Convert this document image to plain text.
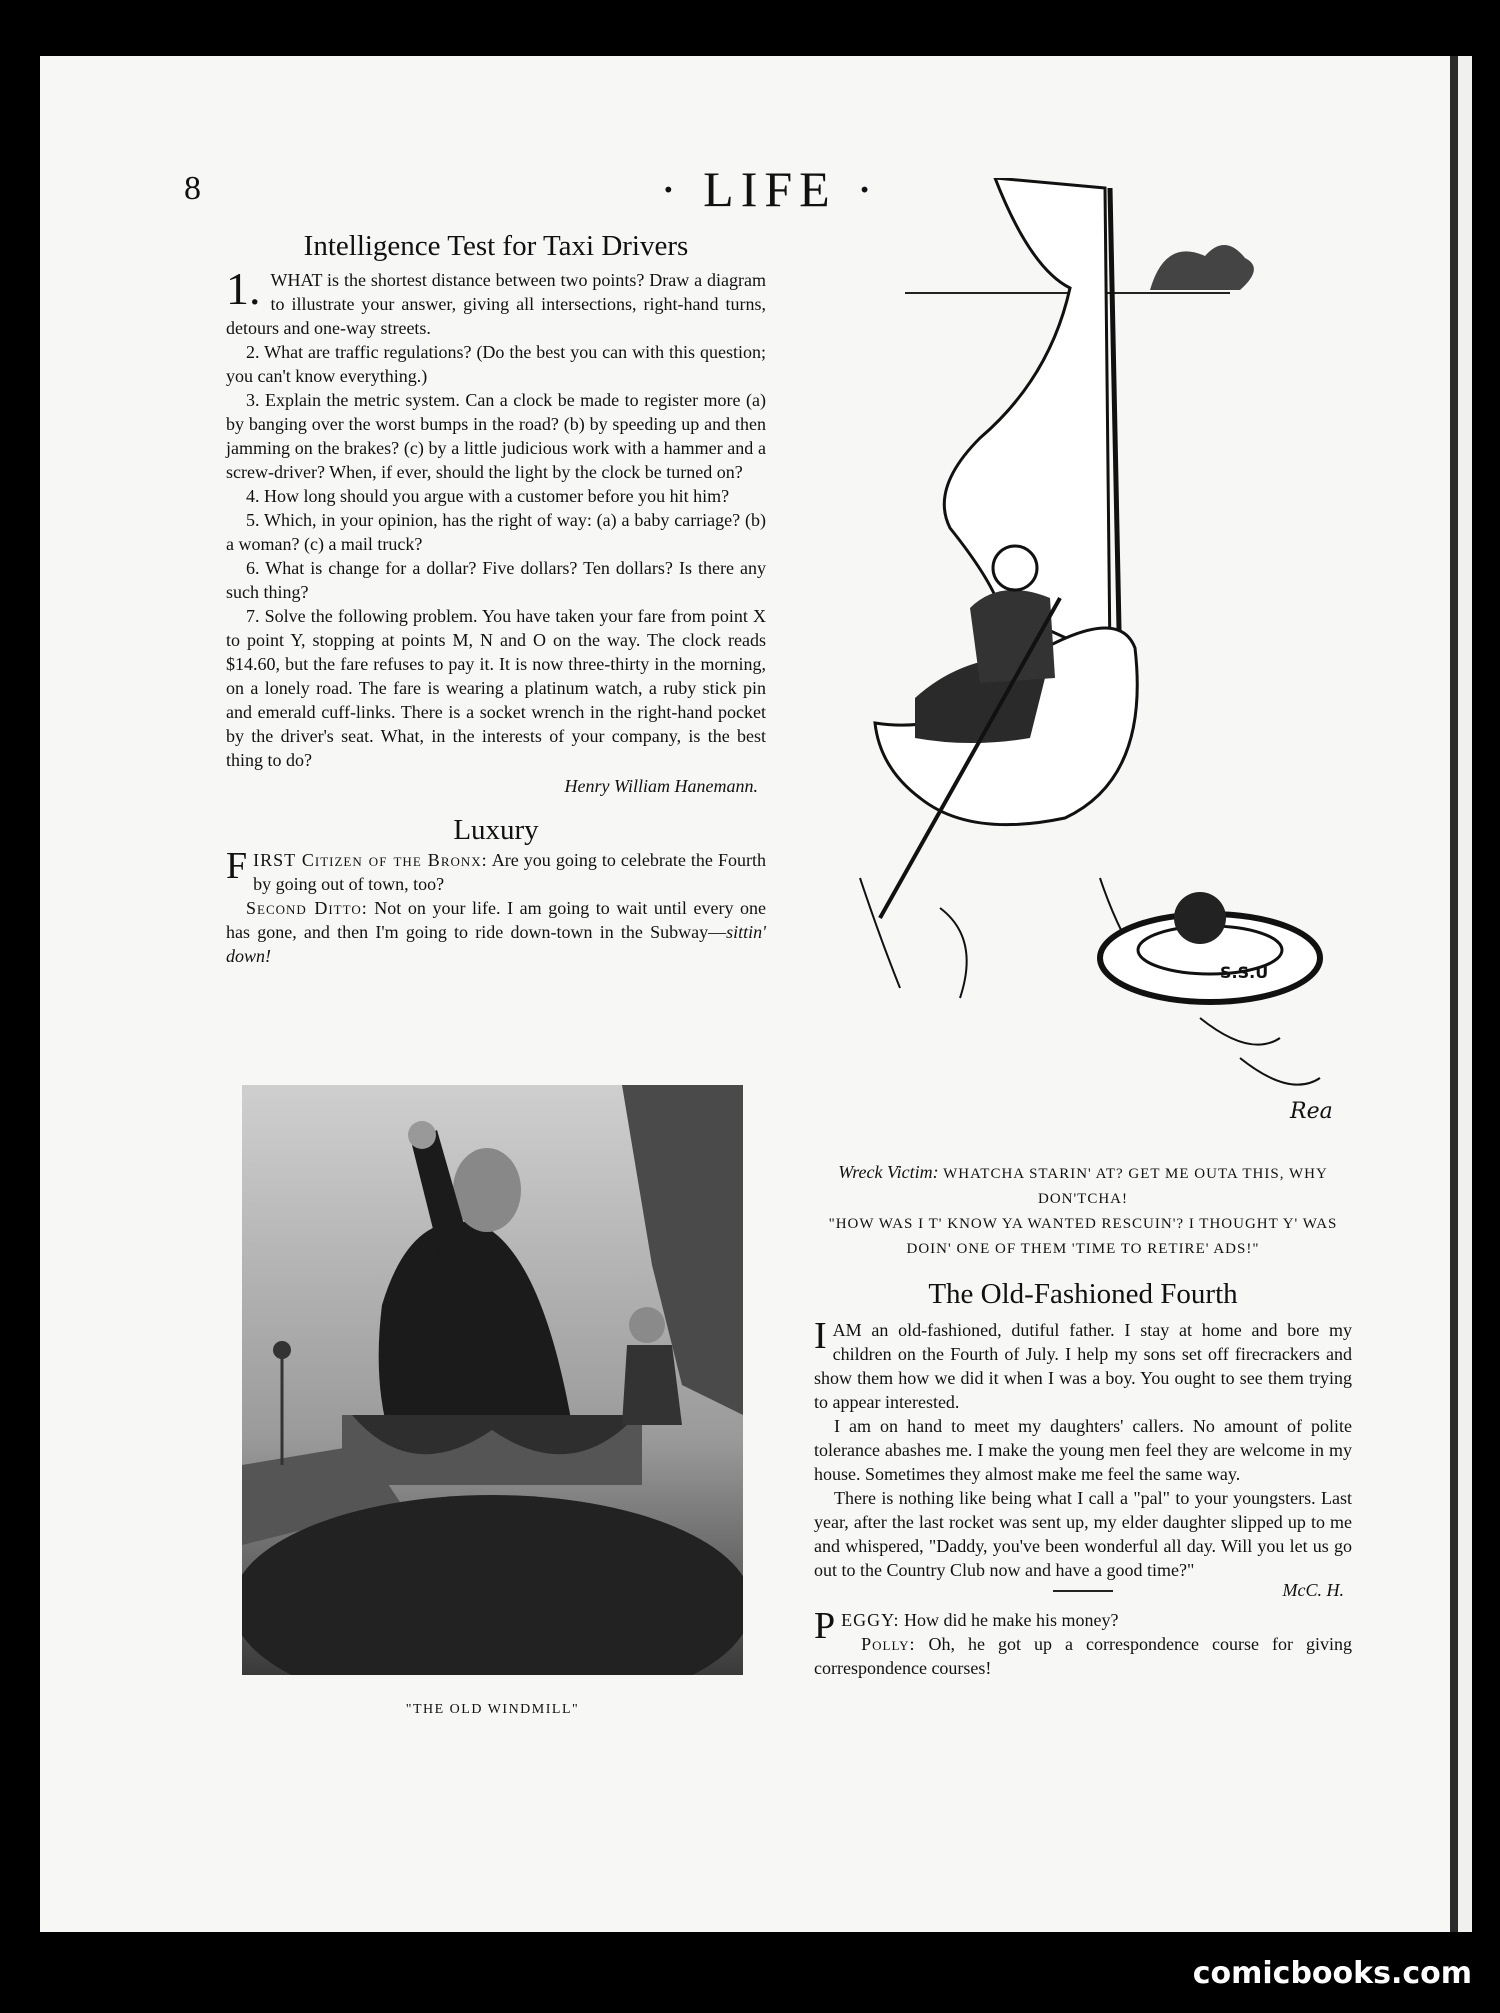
8	· LIFE ·
Intelligence Test for Taxi Drivers

1. WHAT is the shortest distance between two points? Draw a diagram to illustrate your answer, giving all intersections, right-hand turns, detours and one-way streets.

2. What are traffic regulations? (Do the best you can with this question; you can't know everything.)

3. Explain the metric system. Can a clock be made to register more (a) by banging over the worst bumps in the road? (b) by speeding up and then jamming on the brakes? (c) by a little judicious work with a hammer and a screw-driver? When, if ever, should the light by the clock be turned on?

4. How long should you argue with a customer before you hit him?

5. Which, in your opinion, has the right of way: (a) a baby carriage? (b) a woman? (c) a mail truck?

6. What is change for a dollar? Five dollars? Ten dollars? Is there any such thing?

7. Solve the following problem. You have taken your fare from point X to point Y, stopping at points M, N and O on the way. The clock reads $14.60, but the fare refuses to pay it. It is now three-thirty in the morning, on a lonely road. The fare is wearing a platinum watch, a ruby stick pin and emerald cuff-links. There is a socket wrench in the right-hand pocket by the driver's seat. What, in the interests of your company, is the best thing to do?

Henry William Hanemann.

Luxury

F IRST Citizen of the Bronx: Are you going to celebrate the Fourth by going out of town, too?

Second Ditto: Not on your life. I am going to wait until every one has gone, and then I'm going to ride down-town in the Subway—sittin' down!

"THE OLD WINDMILL"
S.S.U
Rea

Wreck Victim: WHATCHA STARIN' AT? GET ME OUTA THIS, WHY DON'TCHA!

"HOW WAS I T' KNOW YA WANTED RESCUIN'? I THOUGHT Y' WAS DOIN' ONE OF THEM 'TIME TO RETIRE' ADS!"

The Old-Fashioned Fourth

I AM an old-fashioned, dutiful father. I stay at home and bore my children on the Fourth of July. I help my sons set off firecrackers and show them how we did it when I was a boy. You ought to see them trying to appear interested.

I am on hand to meet my daughters' callers. No amount of polite tolerance abashes me. I make the young men feel they are welcome in my house. Sometimes they almost make me feel the same way.

There is nothing like being what I call a "pal" to your youngsters. Last year, after the last rocket was sent up, my elder daughter slipped up to me and whispered, "Daddy, you've been wonderful all day. Will you let us go out to the Country Club now and have a good time?"

McC. H.

P EGGY: How did he make his money?

Polly: Oh, he got up a correspondence course for giving correspondence courses!

comicbooks.com
